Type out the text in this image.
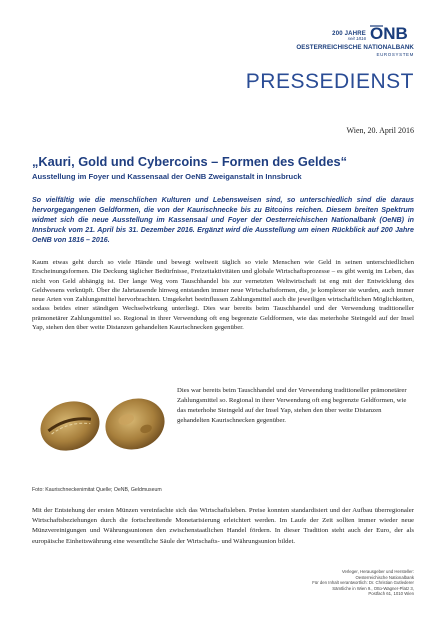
200 JAHRE
seit 1816 ONB
OESTERREICHISCHE NATIONALBANK
EUROSYSTEM
PRESSEDIENST
Wien, 20. April 2016
„Kauri, Gold und Cybercoins – Formen des Geldes“
Ausstellung im Foyer und Kassensaal der OeNB Zweiganstalt in Innsbruck
So vielfältig wie die menschlichen Kulturen und Lebensweisen sind, so unterschiedlich sind die daraus hervorgegangenen Geldformen, die von der Kaurischnecke bis zu Bitcoins reichen. Diesem breiten Spektrum widmet sich die neue Ausstellung im Kassensaal und Foyer der Oesterreichischen Nationalbank (OeNB) in Innsbruck vom 21. April bis 31. Dezember 2016. Ergänzt wird die Ausstellung um einen Rückblick auf 200 Jahre OeNB von 1816 – 2016.
Kaum etwas geht durch so viele Hände und bewegt weltweit täglich so viele Menschen wie Geld in seinen unterschiedlichen Erscheinungsformen. Die Deckung täglicher Bedürfnisse, Freizeitaktivitäten und globale Wirtschaftsprozesse – es gibt wenig im Leben, das nicht von Geld abhängig ist. Der lange Weg vom Tauschhandel bis zur vernetzten Weltwirtschaft ist eng mit der Entwicklung des Geldwesens verknüpft. Über die Jahrtausende hinweg entstanden immer neue Wirtschaftsformen, die, je komplexer sie wurden, auch immer neue Arten von Zahlungsmittel hervorbrachten. Umgekehrt beeinflussen Zahlungsmittel auch die jeweiligen wirtschaftlichen Möglichkeiten, sodass beides einer ständigen Wechselwirkung unterliegt. Dies war bereits beim Tauschhandel und der Verwendung traditioneller prämonetärer Zahlungsmittel so. Regional in ihrer Verwendung oft eng begrenzte Geldformen, wie das meterhohe Steingeld auf der Insel Yap, stehen den über weite Distanzen gehandelten Kaurischnecken gegenüber.
Foto: Kaurischneckenimitat Quelle; OeNB, Geldmuseum
Dies war bereits beim Tauschhandel und der Verwendung traditioneller prämonetärer Zahlungsmittel so. Regional in ihrer Verwendung oft eng begrenzte Geldformen, wie das meterhohe Steingeld auf der Insel Yap, stehen den über weite Distanzen gehandelten Kaurischnecken gegenüber.
Mit der Entstehung der ersten Münzen vereinfachte sich das Wirtschaftsleben. Preise konnten standardisiert und der Aufbau überregionaler Wirtschaftsbeziehungen durch die fortschreitende Monetarisierung erleichtert werden. Im Laufe der Zeit sollten immer wieder neue Münzvereinigungen und Währungsunionen den zwischenstaatlichen Handel fördern. In dieser Tradition steht auch der Euro, der als europäische Einheitswährung eine wesentliche Säule der Wirtschafts- und Währungsunion bildet.
Verleger, Herausgeber und Hersteller:
Oesterreichische Nationalbank
Für den Inhalt verantwortlich: Dr. Christian Gutlederer
Sämtliche in Wien 9., Otto-Wagner-Platz 3,
Postfach 61, 1010 Wien
